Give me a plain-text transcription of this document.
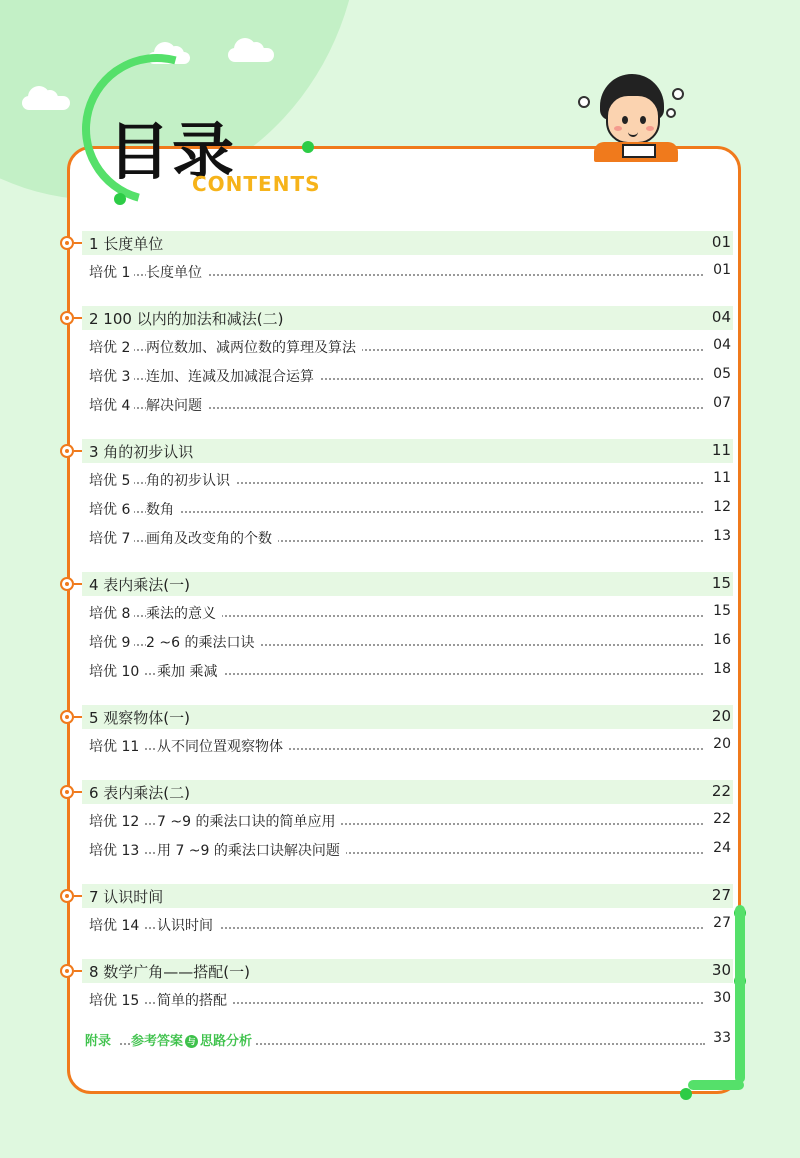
目录
CONTENTS
1 长度单位	01
培优 1 长度单位	01
2 100 以内的加法和减法(二)	04
培优 2 两位数加、减两位数的算理及算法	04
培优 3 连加、连减及加减混合运算	05
培优 4 解决问题	07
3 角的初步认识	11
培优 5 角的初步认识	11
培优 6 数角	12
培优 7 画角及改变角的个数	13
4 表内乘法(一)	15
培优 8 乘法的意义	15
培优 9 2 ~6 的乘法口诀	16
培优 10 乘加 乘减	18
5 观察物体(一)	20
培优 11 从不同位置观察物体	20
6 表内乘法(二)	22
培优 12 7 ~9 的乘法口诀的简单应用	22
培优 13 用 7 ~9 的乘法口诀解决问题	24
7 认识时间	27
培优 14 认识时间	27
8 数学广角——搭配(一)	30
培优 15 简单的搭配	30
附录	参考答案 与 思路分析	33
